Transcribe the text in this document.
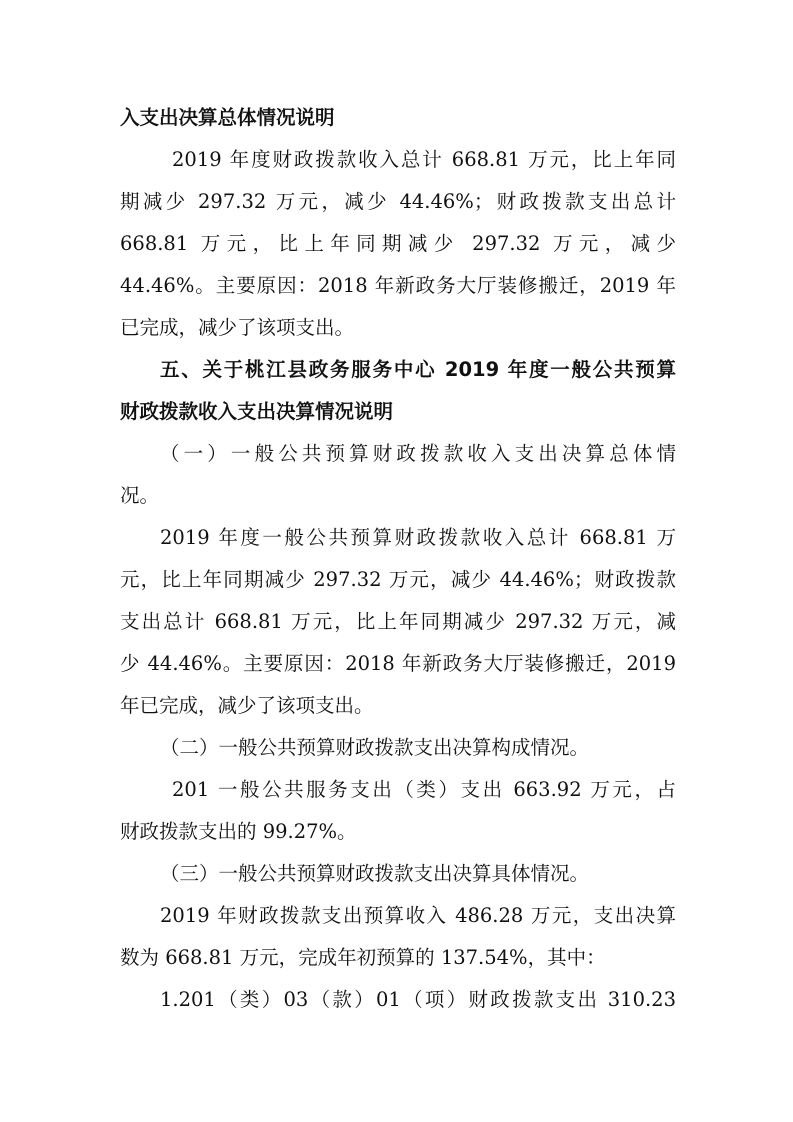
入支出决算总体情况说明
2019 年度财政拨款收入总计 668.81 万元，比上年同
期减少 297.32 万元，减少 44.46%；财政拨款支出总计
668.81 万元，比上年同期减少 297.32 万元，减少
44.46%。主要原因：2018 年新政务大厅装修搬迁，2019 年
已完成，减少了该项支出。
五、关于桃江县政务服务中心 2019 年度一般公共预算
财政拨款收入支出决算情况说明
（一）一般公共预算财政拨款收入支出决算总体情
况。
2019 年度一般公共预算财政拨款收入总计 668.81 万
元，比上年同期减少 297.32 万元，减少 44.46%；财政拨款
支出总计 668.81 万元，比上年同期减少 297.32 万元，减
少 44.46%。主要原因：2018 年新政务大厅装修搬迁，2019
年已完成，减少了该项支出。
（二）一般公共预算财政拨款支出决算构成情况。
201 一般公共服务支出（类）支出 663.92 万元，占
财政拨款支出的 99.27%。
（三）一般公共预算财政拨款支出决算具体情况。
2019 年财政拨款支出预算收入 486.28 万元，支出决算
数为 668.81 万元，完成年初预算的 137.54%，其中：
1.201（类）03（款）01（项）财政拨款支出 310.23
